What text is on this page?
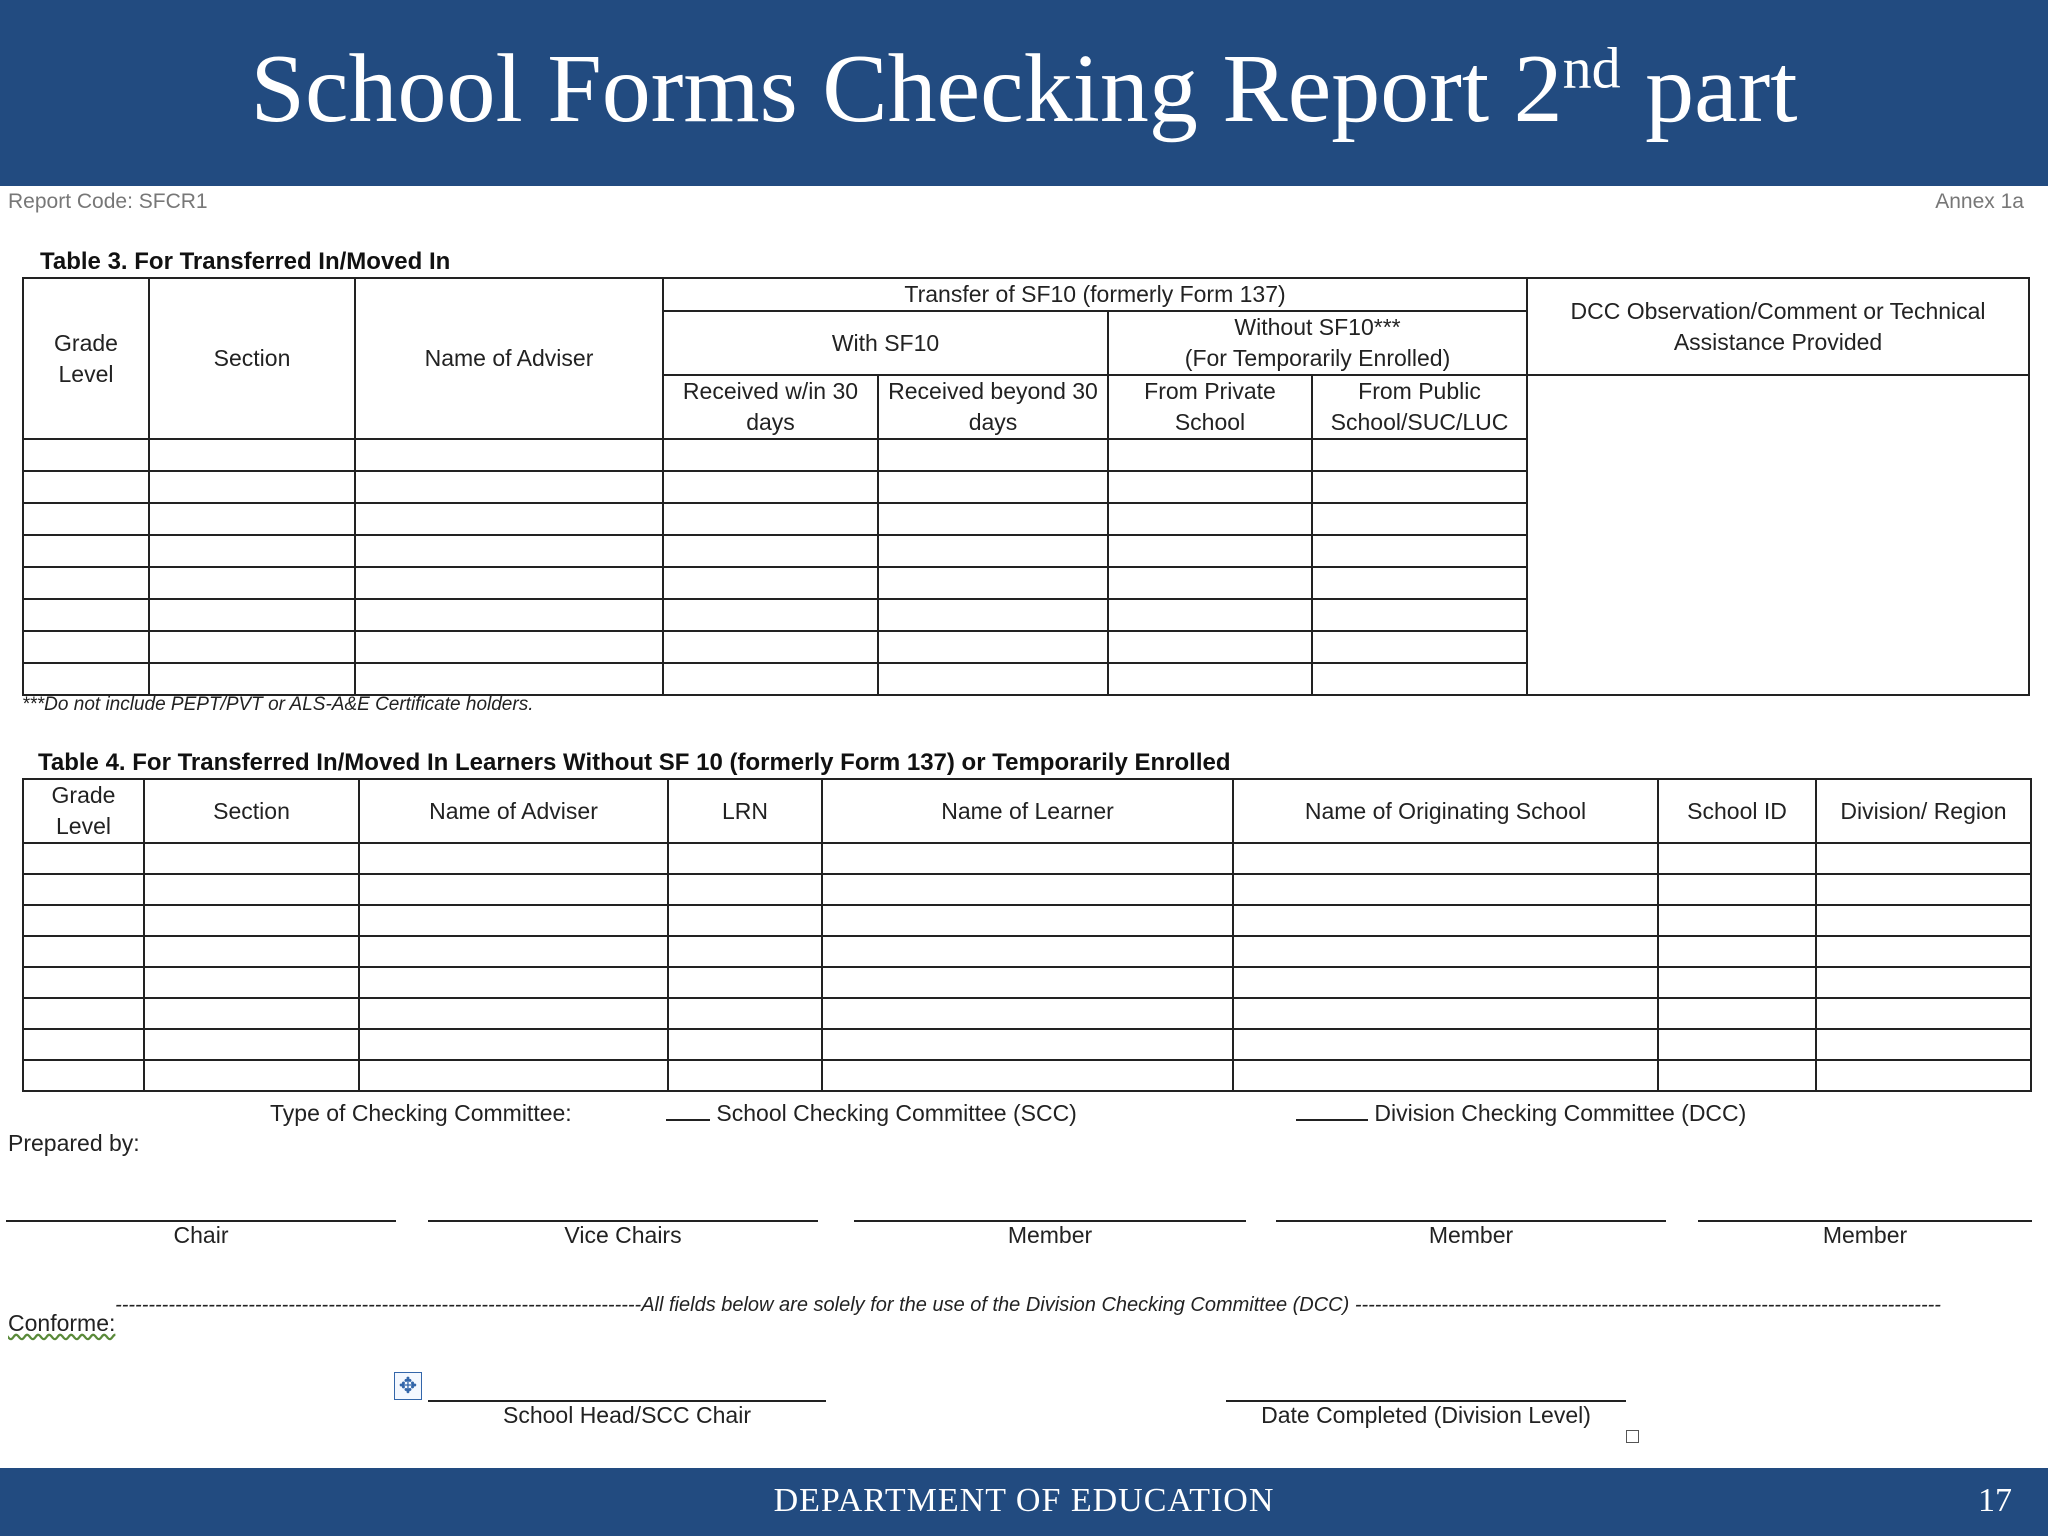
School Forms Checking Report 2nd part
Report Code: SFCR1	Annex 1a
Table 3. For Transferred In/Moved In
Grade Level	Section	Name of Adviser	Transfer of SF10 (formerly Form 137)				DCC Observation/Comment or Technical Assistance Provided
			With SF10		Without SF10***
(For Temporarily Enrolled)		
			Received w/in 30 days	Received beyond 30 days	From Private School	From Public School/SUC/LUC	

***Do not include PEPT/PVT or ALS-A&E Certificate holders.
Table 4. For Transferred In/Moved In Learners Without SF 10 (formerly Form 137) or Temporarily Enrolled
Grade Level	Section	Name of Adviser	LRN	Name of Learner	Name of Originating School	School ID	Division/ Region

Type of Checking Committee:	School Checking Committee (SCC)	Division Checking Committee (DCC)
Prepared by:
Chair	Vice Chairs	Member	Member	Member
-------------------------------------------------------------------------------All fields below are solely for the use of the Division Checking Committee (DCC) ----------------------------------------------------------------------------------------
Conforme:
✥
School Head/SCC Chair	Date Completed (Division Level)
DEPARTMENT OF EDUCATION	17
